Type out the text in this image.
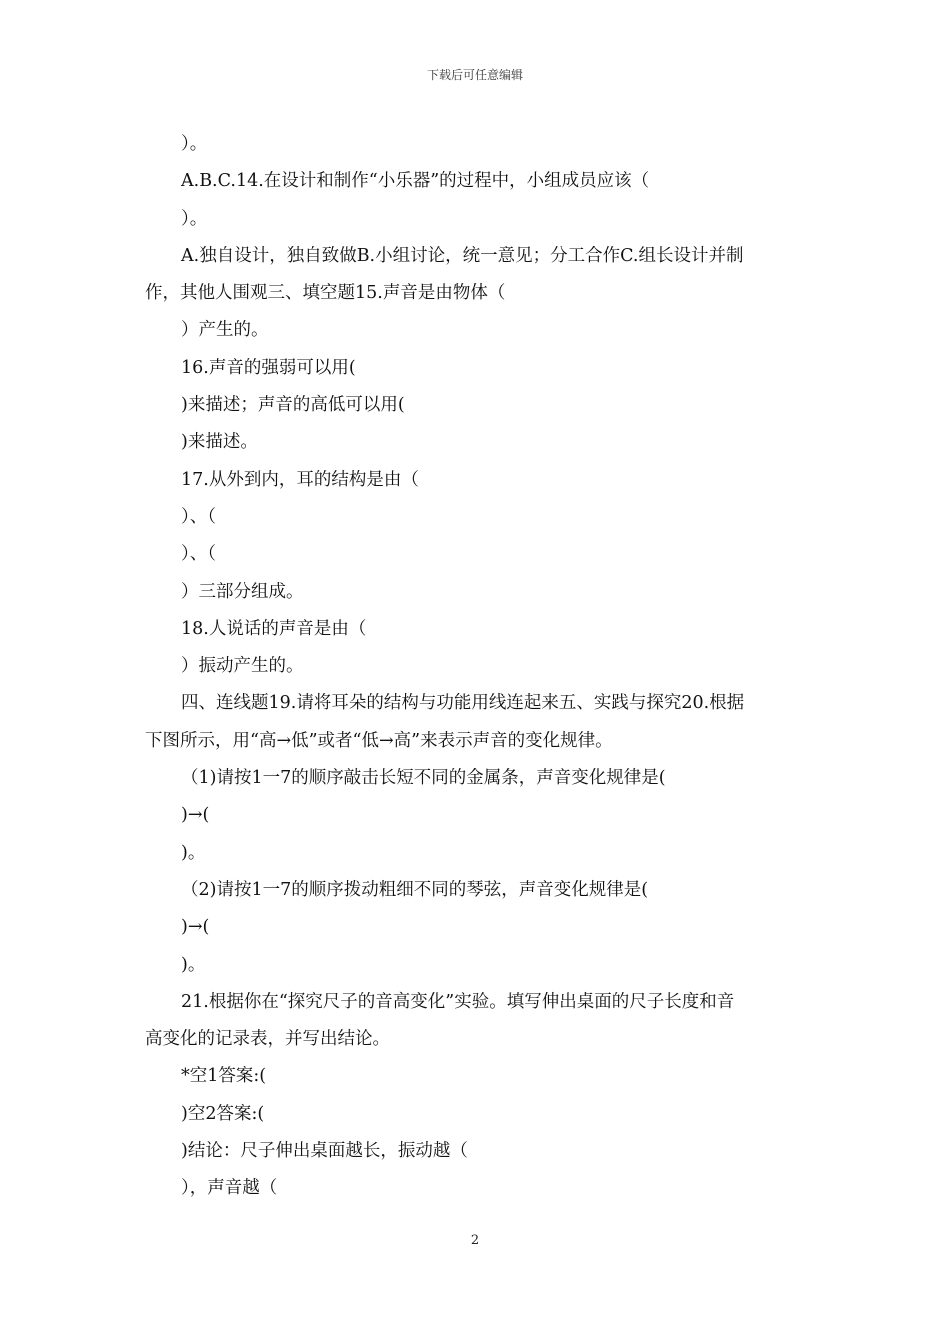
下载后可任意编辑
）。
A.B.C.14.在设计和制作“小乐器”的过程中，小组成员应该（
）。
A.独自设计，独自致做B.小组讨论，统一意见；分工合作C.组长设计并制
作，其他人围观三、填空题15.声音是由物体（
）产生的。
16.声音的强弱可以用(
)来描述；声音的高低可以用(
)来描述。
17.从外到内，耳的结构是由（
）、（
）、（
）三部分组成。
18.人说话的声音是由（
）振动产生的。
四、连线题19.请将耳朵的结构与功能用线连起来五、实践与探究20.根据
下图所示，用“高→低”或者“低→高”来表示声音的变化规律。
（1)请按1一7的顺序敲击长短不同的金属条，声音变化规律是(
)→(
)。
（2)请按1一7的顺序拨动粗细不同的琴弦，声音变化规律是(
)→(
)。
21.根据你在“探究尺子的音高变化”实验。填写伸出桌面的尺子长度和音
高变化的记录表，并写出结论。
*空1答案:(
)空2答案:(
)结论：尺子伸出桌面越长，振动越（
），声音越（
2
